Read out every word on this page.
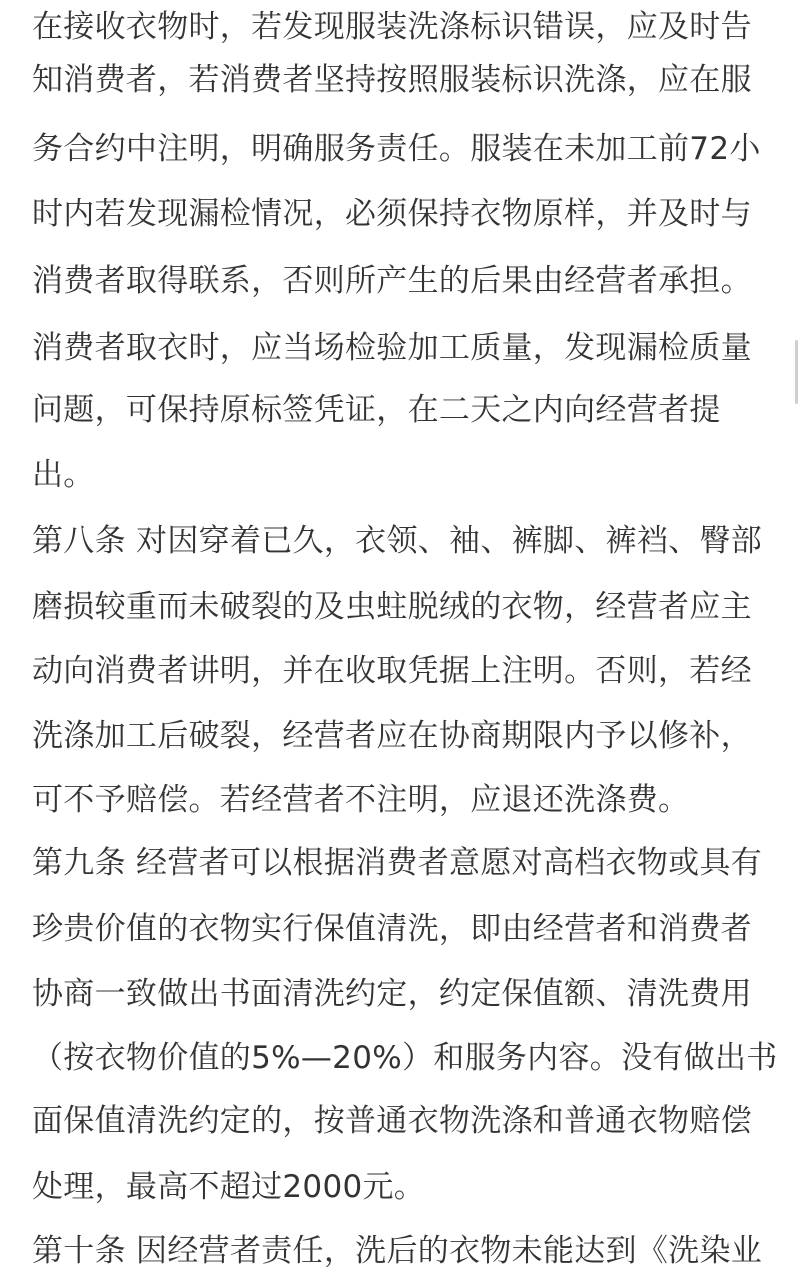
在接收衣物时，若发现服装洗涤标识错误，应及时告
知消费者，若消费者坚持按照服装标识洗涤，应在服
务合约中注明，明确服务责任。服装在未加工前72小
时内若发现漏检情况，必须保持衣物原样，并及时与
消费者取得联系，否则所产生的后果由经营者承担。
消费者取衣时，应当场检验加工质量，发现漏检质量
问题，可保持原标签凭证，在二天之内向经营者提
出。
第八条 对因穿着已久，衣领、袖、裤脚、裤裆、臀部
磨损较重而未破裂的及虫蛀脱绒的衣物，经营者应主
动向消费者讲明，并在收取凭据上注明。否则，若经
洗涤加工后破裂，经营者应在协商期限内予以修补，
可不予赔偿。若经营者不注明，应退还洗涤费。
第九条 经营者可以根据消费者意愿对高档衣物或具有
珍贵价值的衣物实行保值清洗，即由经营者和消费者
协商一致做出书面清洗约定，约定保值额、清洗费用
（按衣物价值的5%—20%）和服务内容。没有做出书
面保值清洗约定的，按普通衣物洗涤和普通衣物赔偿
处理，最高不超过2000元。
第十条 因经营者责任，洗后的衣物未能达到《洗染业
